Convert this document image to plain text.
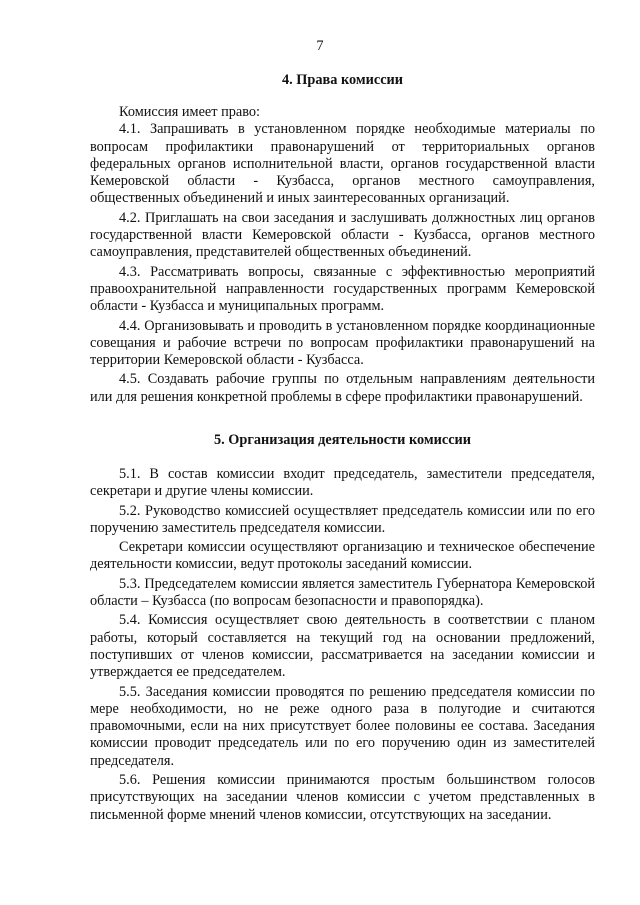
7
4. Права комиссии

Комиссия имеет право:

4.1. Запрашивать в установленном порядке необходимые материалы по вопросам профилактики правонарушений от территориальных органов федеральных органов исполнительной власти, органов государственной власти Кемеровской области - Кузбасса, органов местного самоуправления, общественных объединений и иных заинтересованных организаций.

4.2. Приглашать на свои заседания и заслушивать должностных лиц органов государственной власти Кемеровской области - Кузбасса, органов местного самоуправления, представителей общественных объединений.

4.3. Рассматривать вопросы, связанные с эффективностью мероприятий правоохранительной направленности государственных программ Кемеровской области - Кузбасса и муниципальных программ.

4.4. Организовывать и проводить в установленном порядке координационные совещания и рабочие встречи по вопросам профилактики правонарушений на территории Кемеровской области - Кузбасса.

4.5. Создавать рабочие группы по отдельным направлениям деятельности или для решения конкретной проблемы в сфере профилактики правонарушений.

5. Организация деятельности комиссии

5.1. В состав комиссии входит председатель, заместители председателя, секретари и другие члены комиссии.

5.2. Руководство комиссией осуществляет председатель комиссии или по его поручению заместитель председателя комиссии.

Секретари комиссии осуществляют организацию и техническое обеспечение деятельности комиссии, ведут протоколы заседаний комиссии.

5.3. Председателем комиссии является заместитель Губернатора Кемеровской области – Кузбасса (по вопросам безопасности и правопорядка).

5.4. Комиссия осуществляет свою деятельность в соответствии с планом работы, который составляется на текущий год на основании предложений, поступивших от членов комиссии, рассматривается на заседании комиссии и утверждается ее председателем.

5.5. Заседания комиссии проводятся по решению председателя комиссии по мере необходимости, но не реже одного раза в полугодие и считаются правомочными, если на них присутствует более половины ее состава. Заседания комиссии проводит председатель или по его поручению один из заместителей председателя.

5.6. Решения комиссии принимаются простым большинством голосов присутствующих на заседании членов комиссии с учетом представленных в письменной форме мнений членов комиссии, отсутствующих на заседании.
